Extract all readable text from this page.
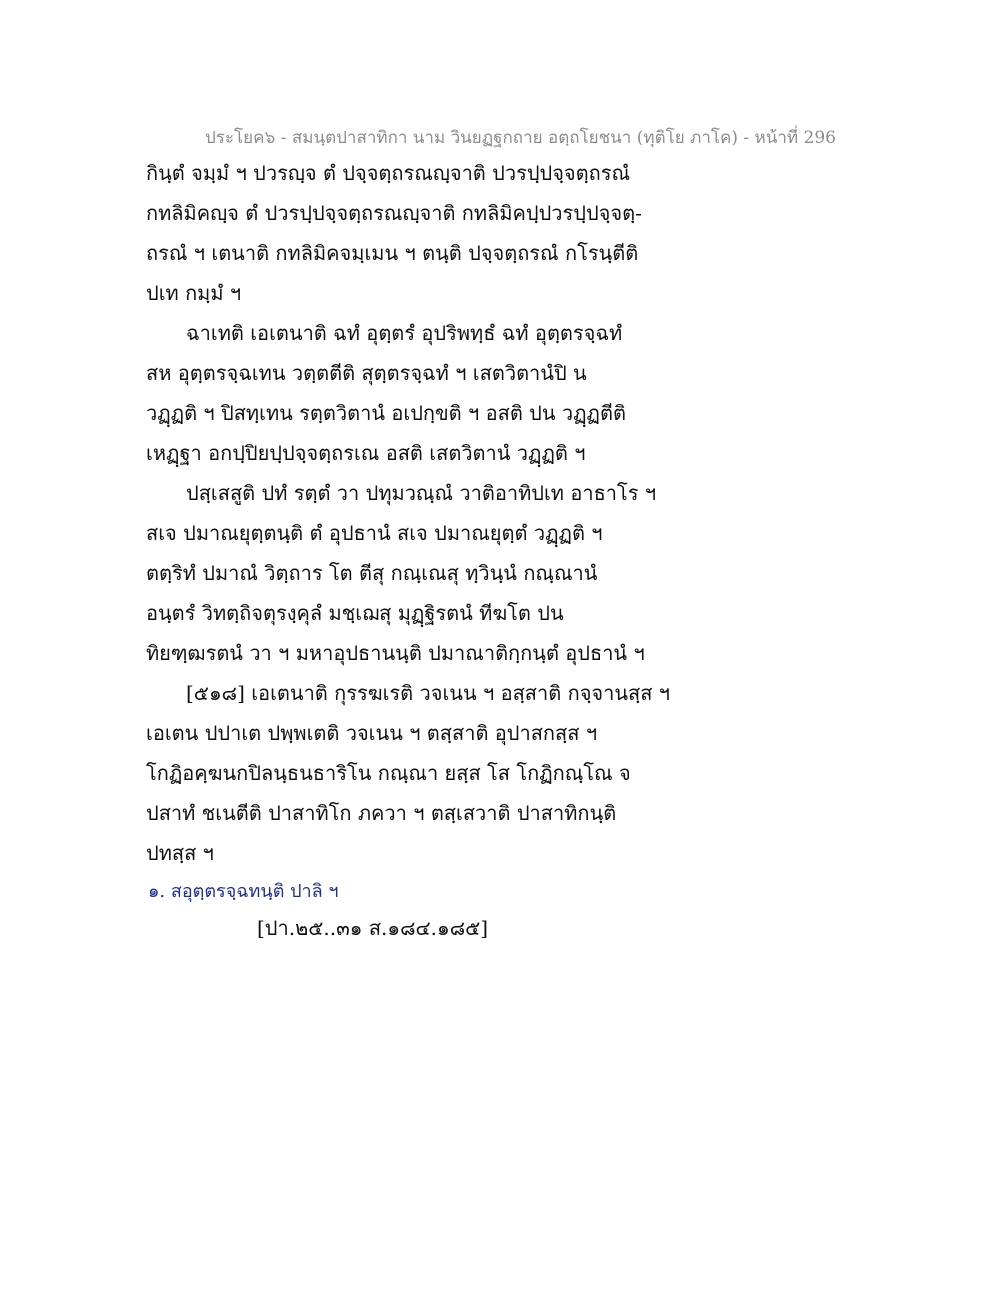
ประโยค๖ - สมนฺตปาสาทิกา นาม วินยฏฐกถาย อตฺถโยชนา (ทุติโย ภาโค) - หน้าที่ 296
กินฺตํ จมฺมํ ฯ ปวรญฺจ ตํ ปจฺจตฺถรณญฺจาติ ปวรปฺปจฺจตฺถรณํ
กทลิมิคญฺจ ตํ ปวรปฺปจฺจตฺถรณญฺจาติ กทลิมิคปฺปวรปฺปจฺจตฺ-
ถรณํ ฯ เตนาติ กทลิมิคจมฺเมน ฯ ตนฺติ ปจฺจตฺถรณํ กโรนฺตีติ
ปเท กมฺมํ ฯ
ฉาเทติ เอเตนาติ ฉทํ อุตฺตรํ อุปริพทฺธํ ฉทํ อุตฺตรจฺฉทํ
สห อุตฺตรจฺฉเทน วตฺตตีติ สุตฺตรจฺฉทํ ฯ เสตวิตานํปิ น
วฏฺฏติ ฯ ปิสทฺเทน รตฺตวิตานํ อเปกฺขติ ฯ อสติ ปน วฏฺฏตีติ
เหฏฺฐา อกปฺปิยปฺปจฺจตฺถรเณ อสติ เสตวิตานํ วฏฺฏติ ฯ
ปสฺเสสูติ ปทํ รตฺตํ วา ปทุมวณฺณํ วาติอาทิปเท อาธาโร ฯ
สเจ ปมาณยุตฺตนฺติ ตํ อุปธานํ สเจ ปมาณยุตฺตํ วฏฺฏติ ฯ
ตตฺริทํ ปมาณํ วิตฺถาร โต ตีสุ กณฺเณสุ ทฺวินฺนํ กณฺณานํ
อนฺตรํ วิทตฺถิจตุรงฺคุลํ มชฺเฌสุ มุฏฺฐิรตนํ ทีฆโต ปน
ทิยฑฺฒรตนํ วา ฯ มหาอุปธานนฺติ ปมาณาติกฺกนฺตํ อุปธานํ ฯ
[๕๑๘] เอเตนาติ กุรรฆเรติ วจเนน ฯ อสฺสาติ กจฺจานสฺส ฯ
เอเตน ปปาเต ปพฺพเตติ วจเนน ฯ ตสฺสาติ อุปาสกสฺส ฯ
โกฏิอคฺฆนกปิลนฺธนธาริโน กณฺณา ยสฺส โส โกฏิกณฺโณ จ
ปสาทํ ชเนตีติ ปาสาทิโก ภควา ฯ ตสฺเสวาติ ปาสาทิกนฺติ
ปทสฺส ฯ
๑. สอุตฺตรจฺฉทนฺติ ปาลิ ฯ
[ปา.๒๕..๓๑ ส.๑๘๔.๑๘๕]
